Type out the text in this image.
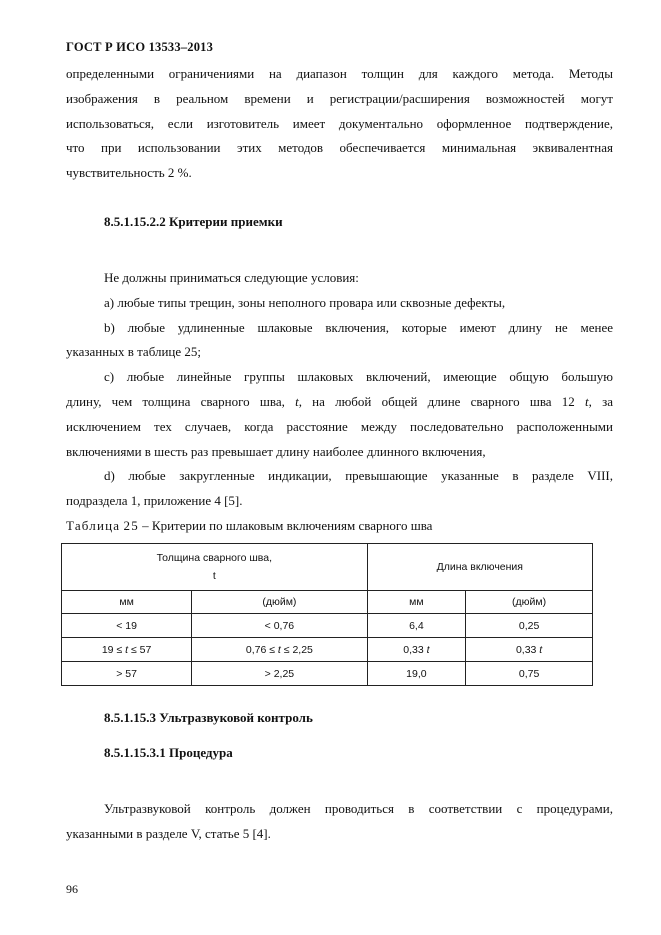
ГОСТ Р ИСО 13533–2013
определенными ограничениями на диапазон толщин для каждого метода. Методы
изображения в реальном времени и регистрации/расширения возможностей могут
использоваться, если изготовитель имеет документально оформленное подтверждение,
что при использовании этих методов обеспечивается минимальная эквивалентная
чувствительность 2 %.
8.5.1.15.2.2 Критерии приемки
Не должны приниматься следующие условия:
а) любые типы трещин, зоны неполного провара или сквозные дефекты,
b) любые удлиненные шлаковые включения, которые имеют длину не менее
указанных в таблице 25;
c) любые линейные группы шлаковых включений, имеющие общую большую
длину, чем толщина сварного шва, t, на любой общей длине сварного шва 12 t, за
исключением тех случаев, когда расстояние между последовательно расположенными
включениями в шесть раз превышает длину наиболее длинного включения,
d) любые закругленные индикации, превышающие указанные в разделе VIII,
подраздела 1, приложение 4 [5].
Таблица 25 – Критерии по шлаковым включениям сварного шва
Толщина сварного шва,
t		Длина включения	
мм	(дюйм)	мм	(дюйм)
< 19	< 0,76	6,4	0,25
19 ≤ t ≤ 57	0,76 ≤ t ≤ 2,25	0,33 t	0,33 t
> 57	> 2,25	19,0	0,75
8.5.1.15.3 Ультразвуковой контроль
8.5.1.15.3.1 Процедура
Ультразвуковой контроль должен проводиться в соответствии с процедурами,
указанными в разделе V, статье 5 [4].
96
